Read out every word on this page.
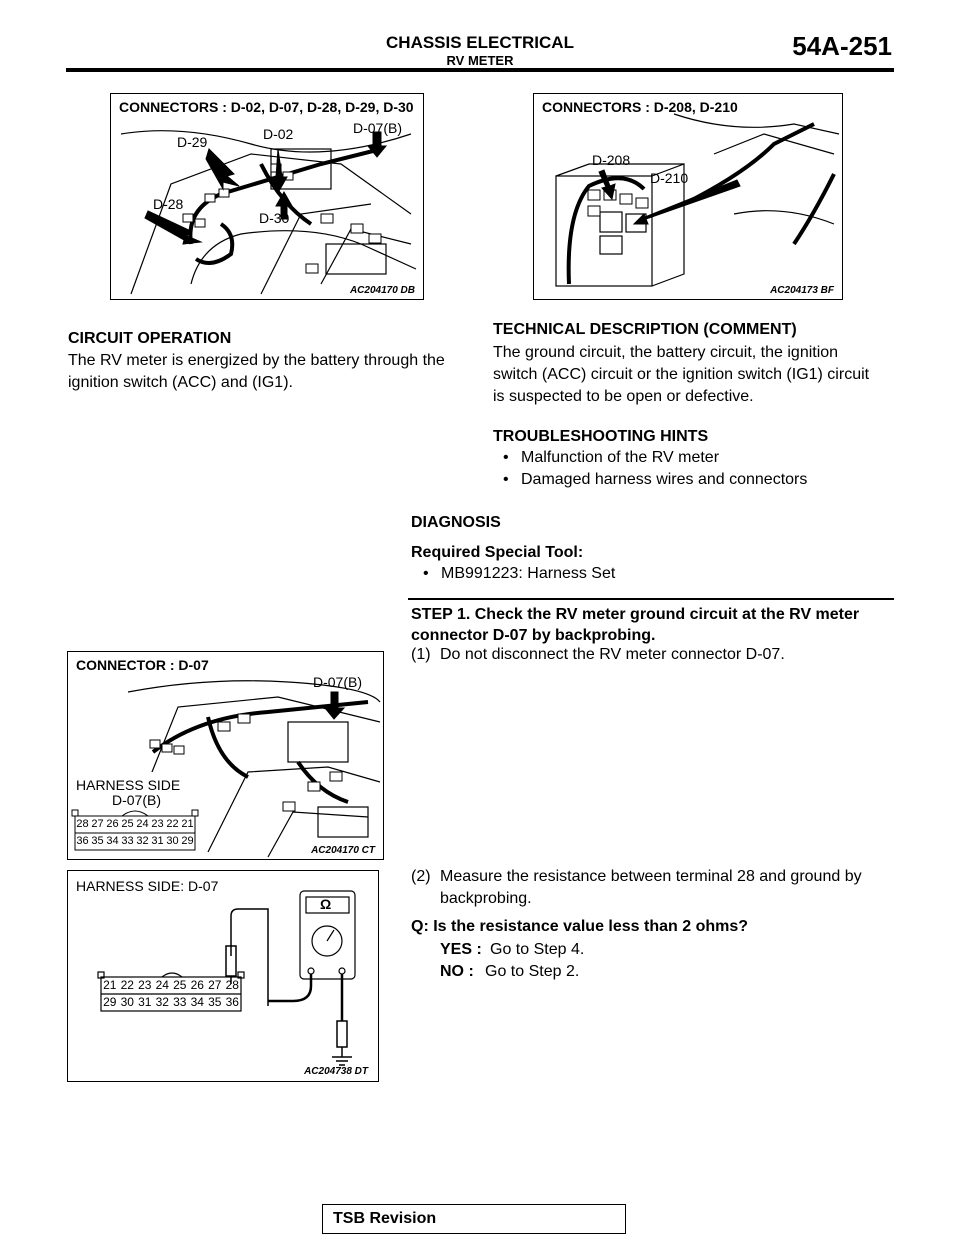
CHASSIS ELECTRICAL
RV METER	54A-251
CONNECTORS : D-02, D-07, D-28, D-29, D-30
D-29	D-02	D-07(B)
D-28
D-30
AC204170 DB
CONNECTORS : D-208, D-210
D-208
D-210
AC204173 BF
CIRCUIT OPERATION
The RV meter is energized by the battery through the
ignition switch (ACC) and (IG1).
TECHNICAL DESCRIPTION (COMMENT)
The ground circuit, the battery circuit, the ignition
switch (ACC) circuit or the ignition switch (IG1) circuit
is suspected to be open or defective.
TROUBLESHOOTING HINTS
• Malfunction of the RV meter
• Damaged harness wires and connectors
DIAGNOSIS
Required Special Tool:
• MB991223: Harness Set
STEP 1. Check the RV meter ground circuit at the RV meter
connector D-07 by backprobing.
(1) Do not disconnect the RV meter connector D-07.
CONNECTOR : D-07
D-07(B)
HARNESS SIDE
D-07(B)
28 27 26 25 24 23 22 21
36 35 34 33 32 31 30 29
AC204170 CT
(2) Measure the resistance between terminal 28 and ground by
backprobing.
Q: Is the resistance value less than 2 ohms?
YES : Go to Step 4.
NO : Go to Step 2.
HARNESS SIDE: D-07
Ω
21 22 23 24 25 26 27 28
29 30 31 32 33 34 35 36
AC204738 DT
TSB Revision
